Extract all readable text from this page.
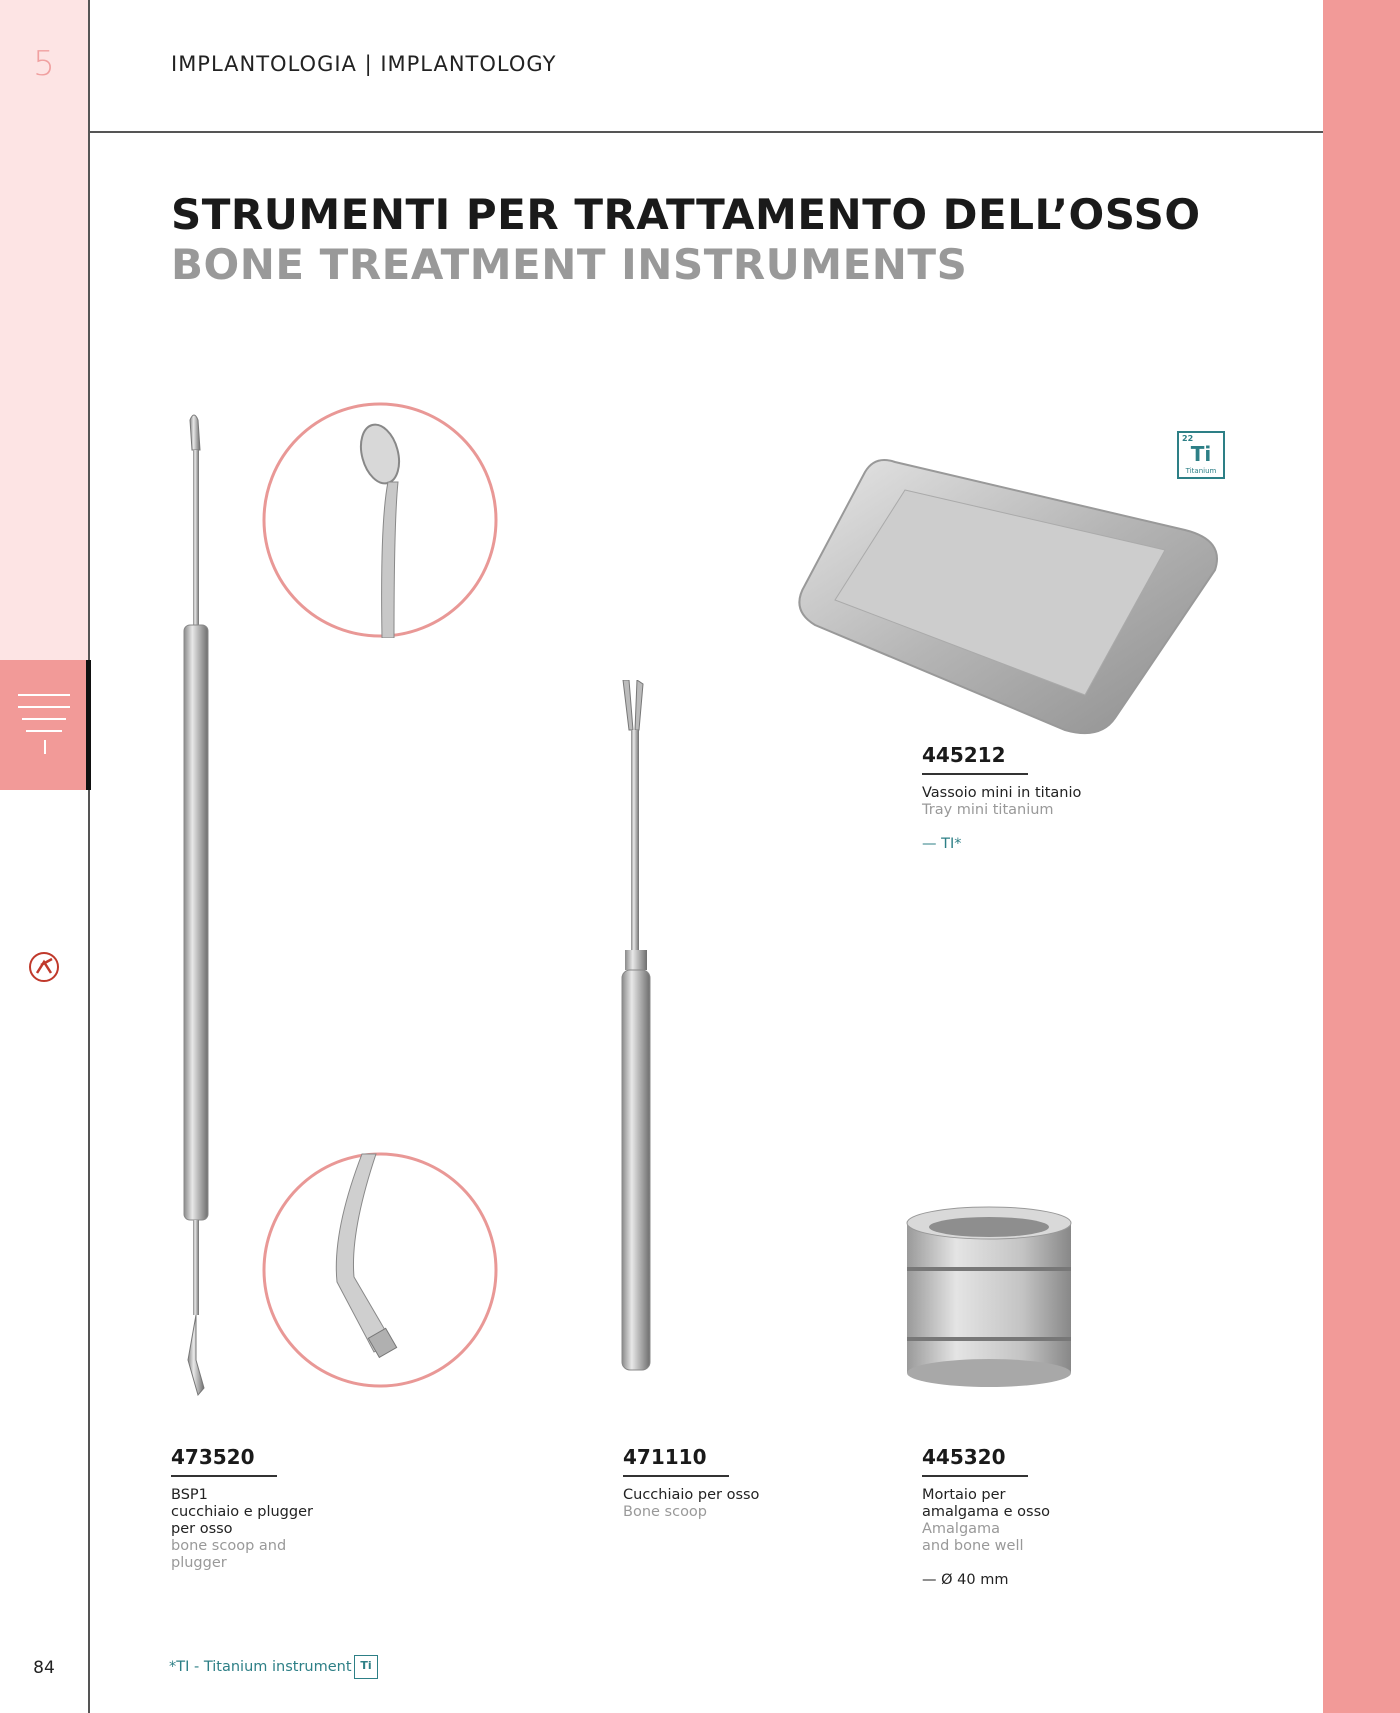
5	IMPLANTOLOGIA | IMPLANTOLOGY
STRUMENTI PER TRATTAMENTO DELL’OSSO
BONE TREATMENT INSTRUMENTS
22
Ti
Titanium
445212
Vassoio mini in titanio
Tray mini titanium
— TI*
473520
BSP1
cucchiaio e plugger
per osso
bone scoop and
plugger
471110
Cucchiaio per osso
Bone scoop
445320
Mortaio per
amalgama e osso
Amalgama
and bone well
— Ø 40 mm
84	*TI - Titanium instrument Ti
